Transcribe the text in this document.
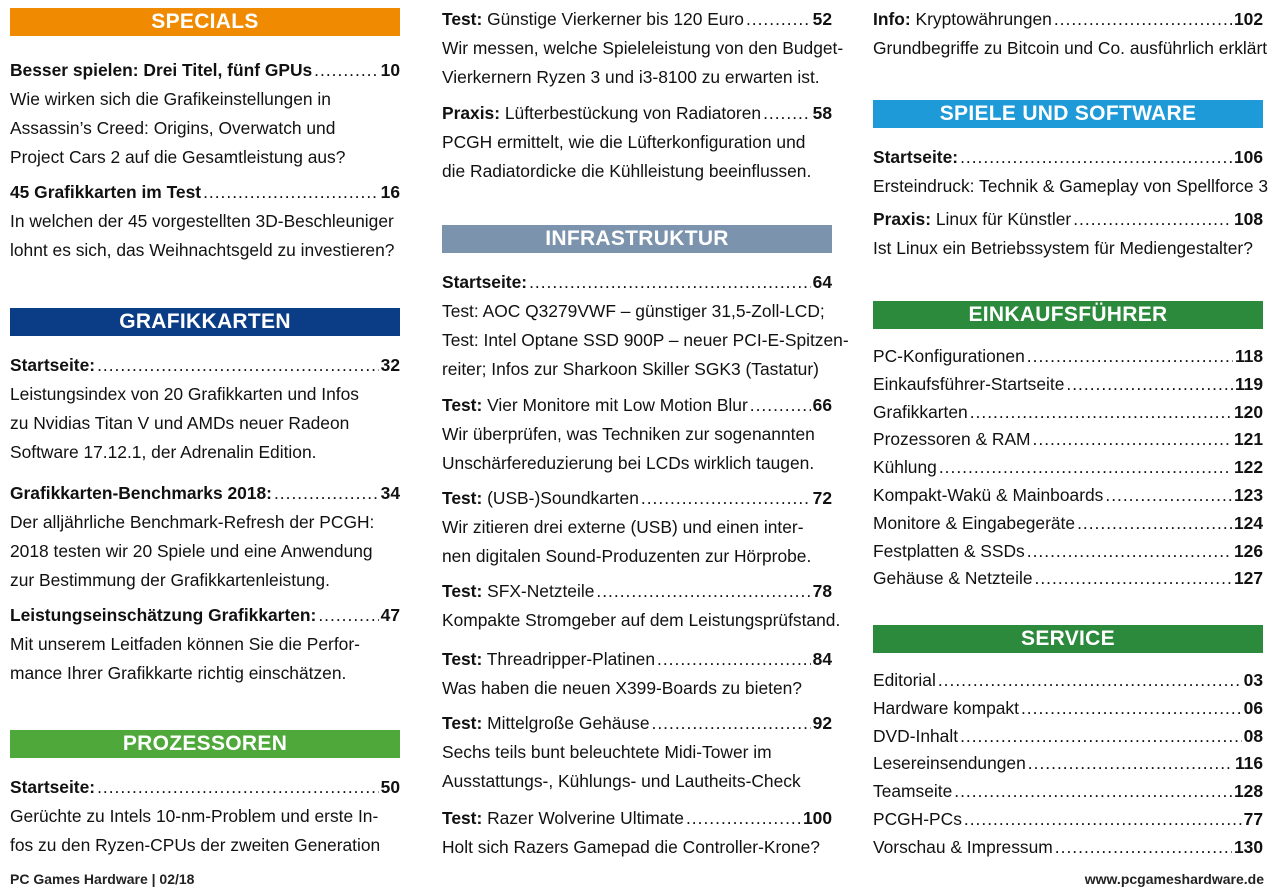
SPECIALS
Besser spielen: Drei Titel, fünf GPUs .....	10
Wie wirken sich die Grafikeinstellungen in
Assassin’s Creed: Origins, Overwatch und
Project Cars 2 auf die Gesamtleistung aus?
45 Grafikkarten im Test .....	16
In welchen der 45 vorgestellten 3D-Beschleuniger
lohnt es sich, das Weihnachtsgeld zu investieren?
GRAFIKKARTEN
Startseite: .....	32
Leistungsindex von 20 Grafikkarten und Infos
zu Nvidias Titan V und AMDs neuer Radeon
Software 17.12.1, der Adrenalin Edition.
Grafikkarten-Benchmarks 2018: .....	34
Der alljährliche Benchmark-Refresh der PCGH:
2018 testen wir 20 Spiele und eine Anwendung
zur Bestimmung der Grafikkartenleistung.
Leistungseinschätzung Grafikkarten: .....	47
Mit unserem Leitfaden können Sie die Perfor-
mance Ihrer Grafikkarte richtig einschätzen.
PROZESSOREN
Startseite: .....	50
Gerüchte zu Intels 10-nm-Problem und erste In-
fos zu den Ryzen-CPUs der zweiten Generation
Test: Günstige Vierkerner bis 120 Euro .....	52
Wir messen, welche Spieleleistung von den Budget-
Vierkernern Ryzen 3 und i3-8100 zu erwarten ist.
Praxis: Lüfterbestückung von Radiatoren .....	58
PCGH ermittelt, wie die Lüfterkonfiguration und
die Radiatordicke die Kühlleistung beeinflussen.
INFRASTRUKTUR
Startseite: .....	64
Test: AOC Q3279VWF – günstiger 31,5-Zoll-LCD;
Test: Intel Optane SSD 900P – neuer PCI-E-Spitzen-
reiter; Infos zur Sharkoon Skiller SGK3 (Tastatur)
Test: Vier Monitore mit Low Motion Blur .....	66
Wir überprüfen, was Techniken zur sogenannten
Unschärfereduzierung bei LCDs wirklich taugen.
Test: (USB-)Soundkarten .....	72
Wir zitieren drei externe (USB) und einen inter-
nen digitalen Sound-Produzenten zur Hörprobe.
Test: SFX-Netzteile .....	78
Kompakte Stromgeber auf dem Leistungsprüfstand.
Test: Threadripper-Platinen .....	84
Was haben die neuen X399-Boards zu bieten?
Test: Mittelgroße Gehäuse .....	92
Sechs teils bunt beleuchtete Midi-Tower im
Ausstattungs-, Kühlungs- und Lautheits-Check
Test: Razer Wolverine Ultimate .....	100
Holt sich Razers Gamepad die Controller-Krone?
Info: Kryptowährungen .....	102
Grundbegriffe zu Bitcoin und Co. ausführlich erklärt
SPIELE UND SOFTWARE
Startseite: .....	106
Ersteindruck: Technik & Gameplay von Spellforce 3
Praxis: Linux für Künstler .....	108
Ist Linux ein Betriebssystem für Mediengestalter?
EINKAUFSFÜHRER
PC-Konfigurationen .....	118
Einkaufsführer-Startseite .....	119
Grafikkarten .....	120
Prozessoren & RAM .....	121
Kühlung .....	122
Kompakt-Wakü & Mainboards .....	123
Monitore & Eingabegeräte .....	124
Festplatten & SSDs .....	126
Gehäuse & Netzteile .....	127
SERVICE
Editorial .....	03
Hardware kompakt .....	06
DVD-Inhalt .....	08
Lesereinsendungen .....	116
Teamseite .....	128
PCGH-PCs .....	77
Vorschau & Impressum .....	130
PC Games Hardware | 02/18	www.pcgameshardware.de
